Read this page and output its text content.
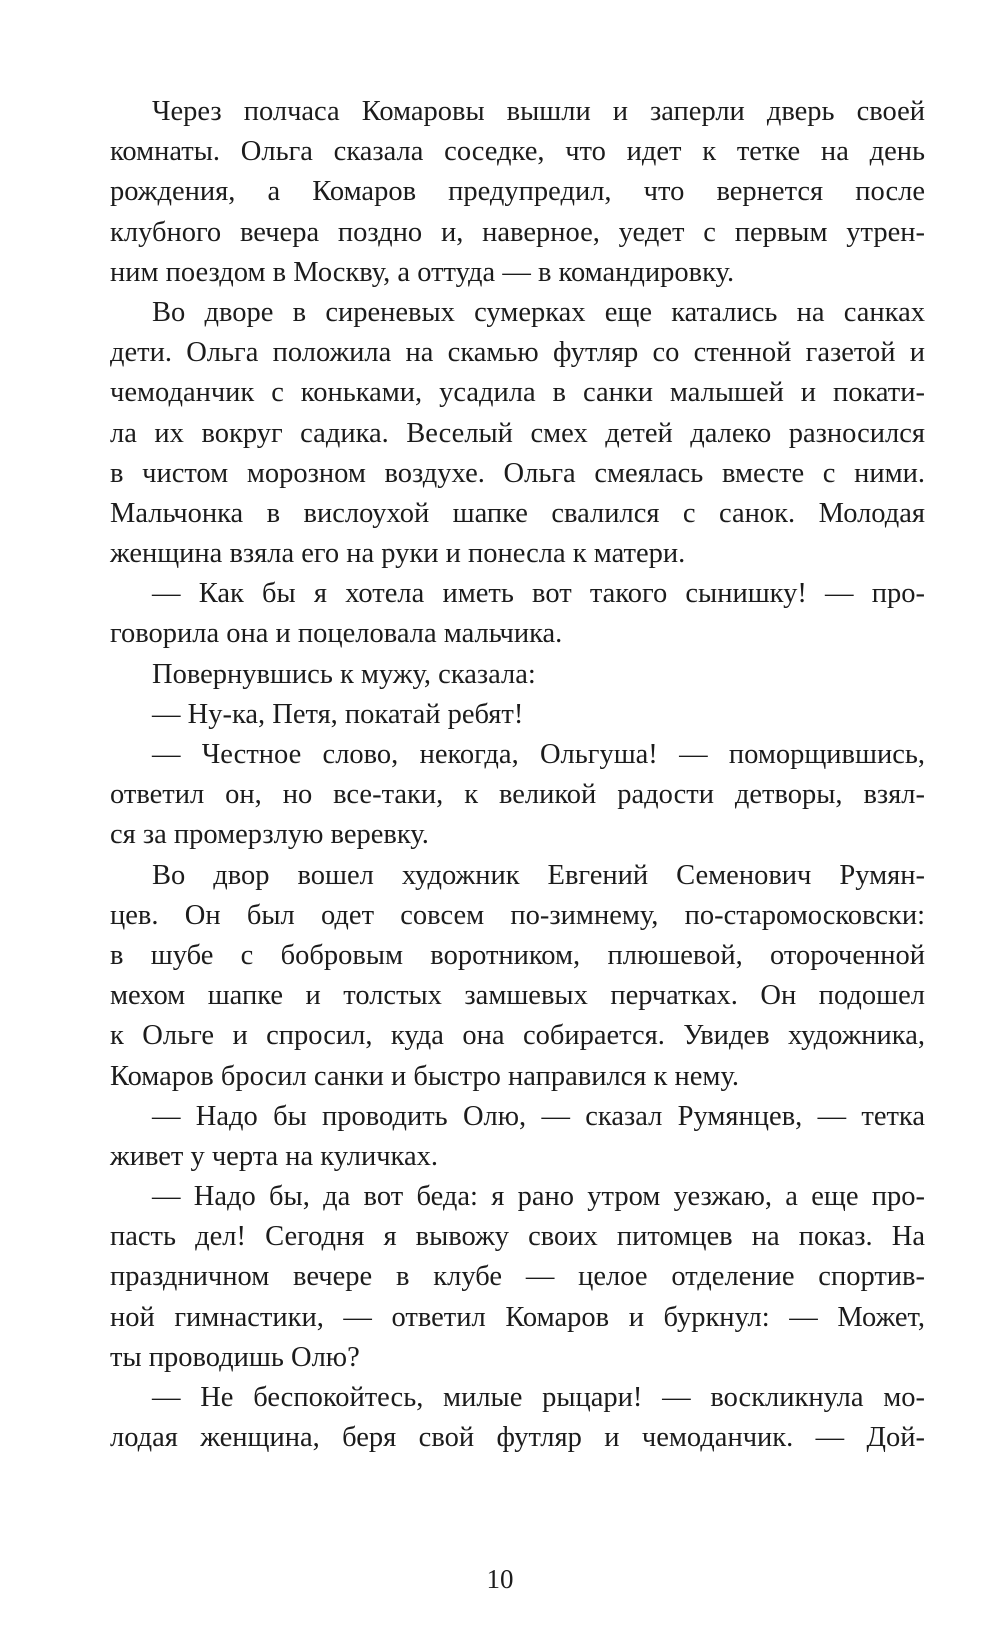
Через полчаса Комаровы вышли и заперли дверь своей
комнаты. Ольга сказала соседке, что идет к тетке на день
рождения, а Комаров предупредил, что вернется после
клубного вечера поздно и, наверное, уедет с первым утрен-
ним поездом в Москву, а оттуда — в командировку.
Во дворе в сиреневых сумерках еще катались на санках
дети. Ольга положила на скамью футляр со стенной газетой и
чемоданчик с коньками, усадила в санки малышей и покати-
ла их вокруг садика. Веселый смех детей далеко разносился
в чистом морозном воздухе. Ольга смеялась вместе с ними.
Мальчонка в вислоухой шапке свалился с санок. Молодая
женщина взяла его на руки и понесла к матери.
— Как бы я хотела иметь вот такого сынишку! — про-
говорила она и поцеловала мальчика.
Повернувшись к мужу, сказала:
— Ну-ка, Петя, покатай ребят!
— Честное слово, некогда, Ольгуша! — поморщившись,
ответил он, но все-таки, к великой радости детворы, взял-
ся за промерзлую веревку.
Во двор вошел художник Евгений Семенович Румян-
цев. Он был одет совсем по-зимнему, по-старомосковски:
в шубе с бобровым воротником, плюшевой, отороченной
мехом шапке и толстых замшевых перчатках. Он подошел
к Ольге и спросил, куда она собирается. Увидев художника,
Комаров бросил санки и быстро направился к нему.
— Надо бы проводить Олю, — сказал Румянцев, — тетка
живет у черта на куличках.
— Надо бы, да вот беда: я рано утром уезжаю, а еще про-
пасть дел! Сегодня я вывожу своих питомцев на показ. На
праздничном вечере в клубе — целое отделение спортив-
ной гимнастики, — ответил Комаров и буркнул: — Может,
ты проводишь Олю?
— Не беспокойтесь, милые рыцари! — воскликнула мо-
лодая женщина, беря свой футляр и чемоданчик. — Дой-
10
